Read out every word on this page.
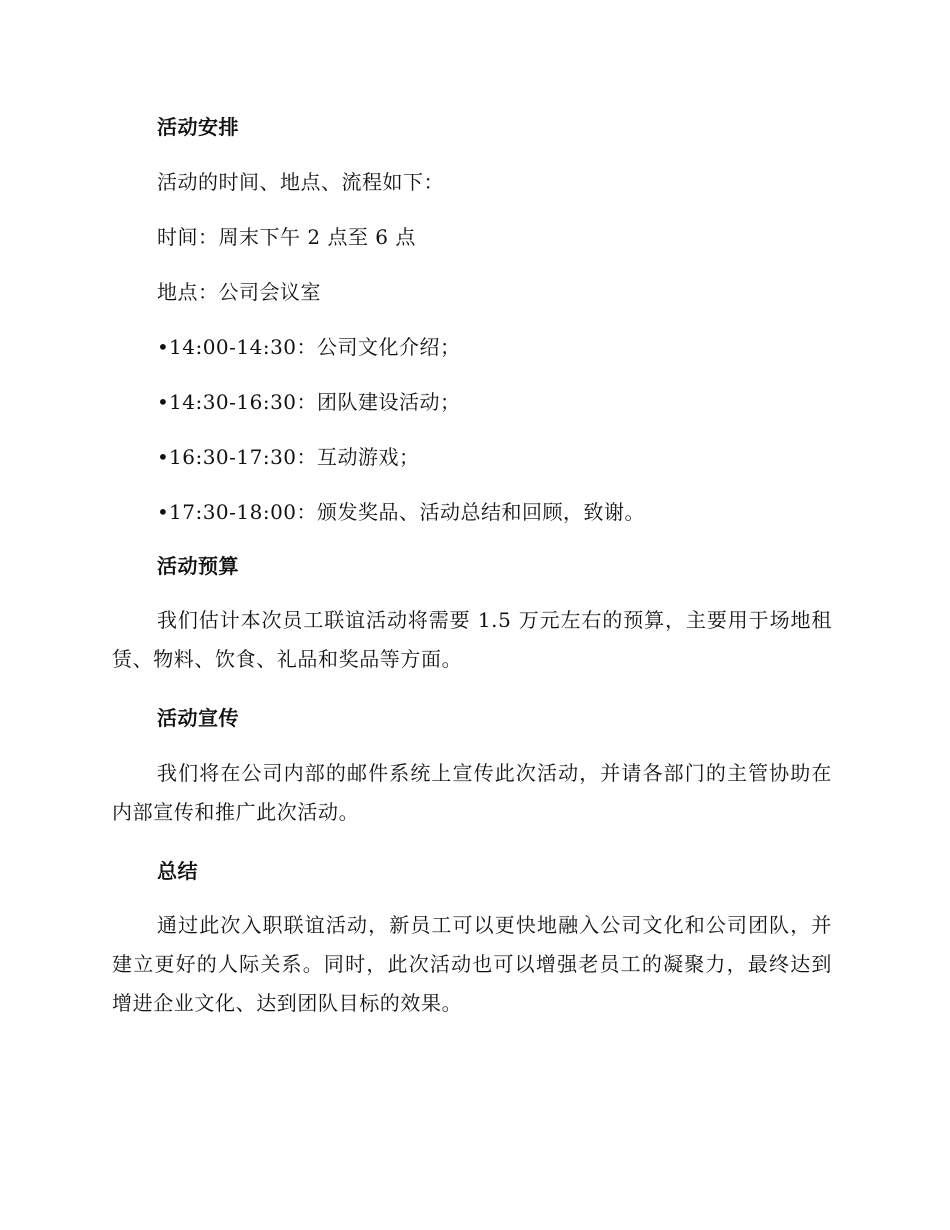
活动安排
活动的时间、地点、流程如下：
时间：周末下午 2 点至 6 点
地点：公司会议室
•14:00-14:30：公司文化介绍；
•14:30-16:30：团队建设活动；
•16:30-17:30：互动游戏；
•17:30-18:00：颁发奖品、活动总结和回顾，致谢。
活动预算
我们估计本次员工联谊活动将需要 1.5 万元左右的预算，主要用于场地租赁、物料、饮食、礼品和奖品等方面。
活动宣传
我们将在公司内部的邮件系统上宣传此次活动，并请各部门的主管协助在内部宣传和推广此次活动。
总结
通过此次入职联谊活动，新员工可以更快地融入公司文化和公司团队，并建立更好的人际关系。同时，此次活动也可以增强老员工的凝聚力，最终达到增进企业文化、达到团队目标的效果。
